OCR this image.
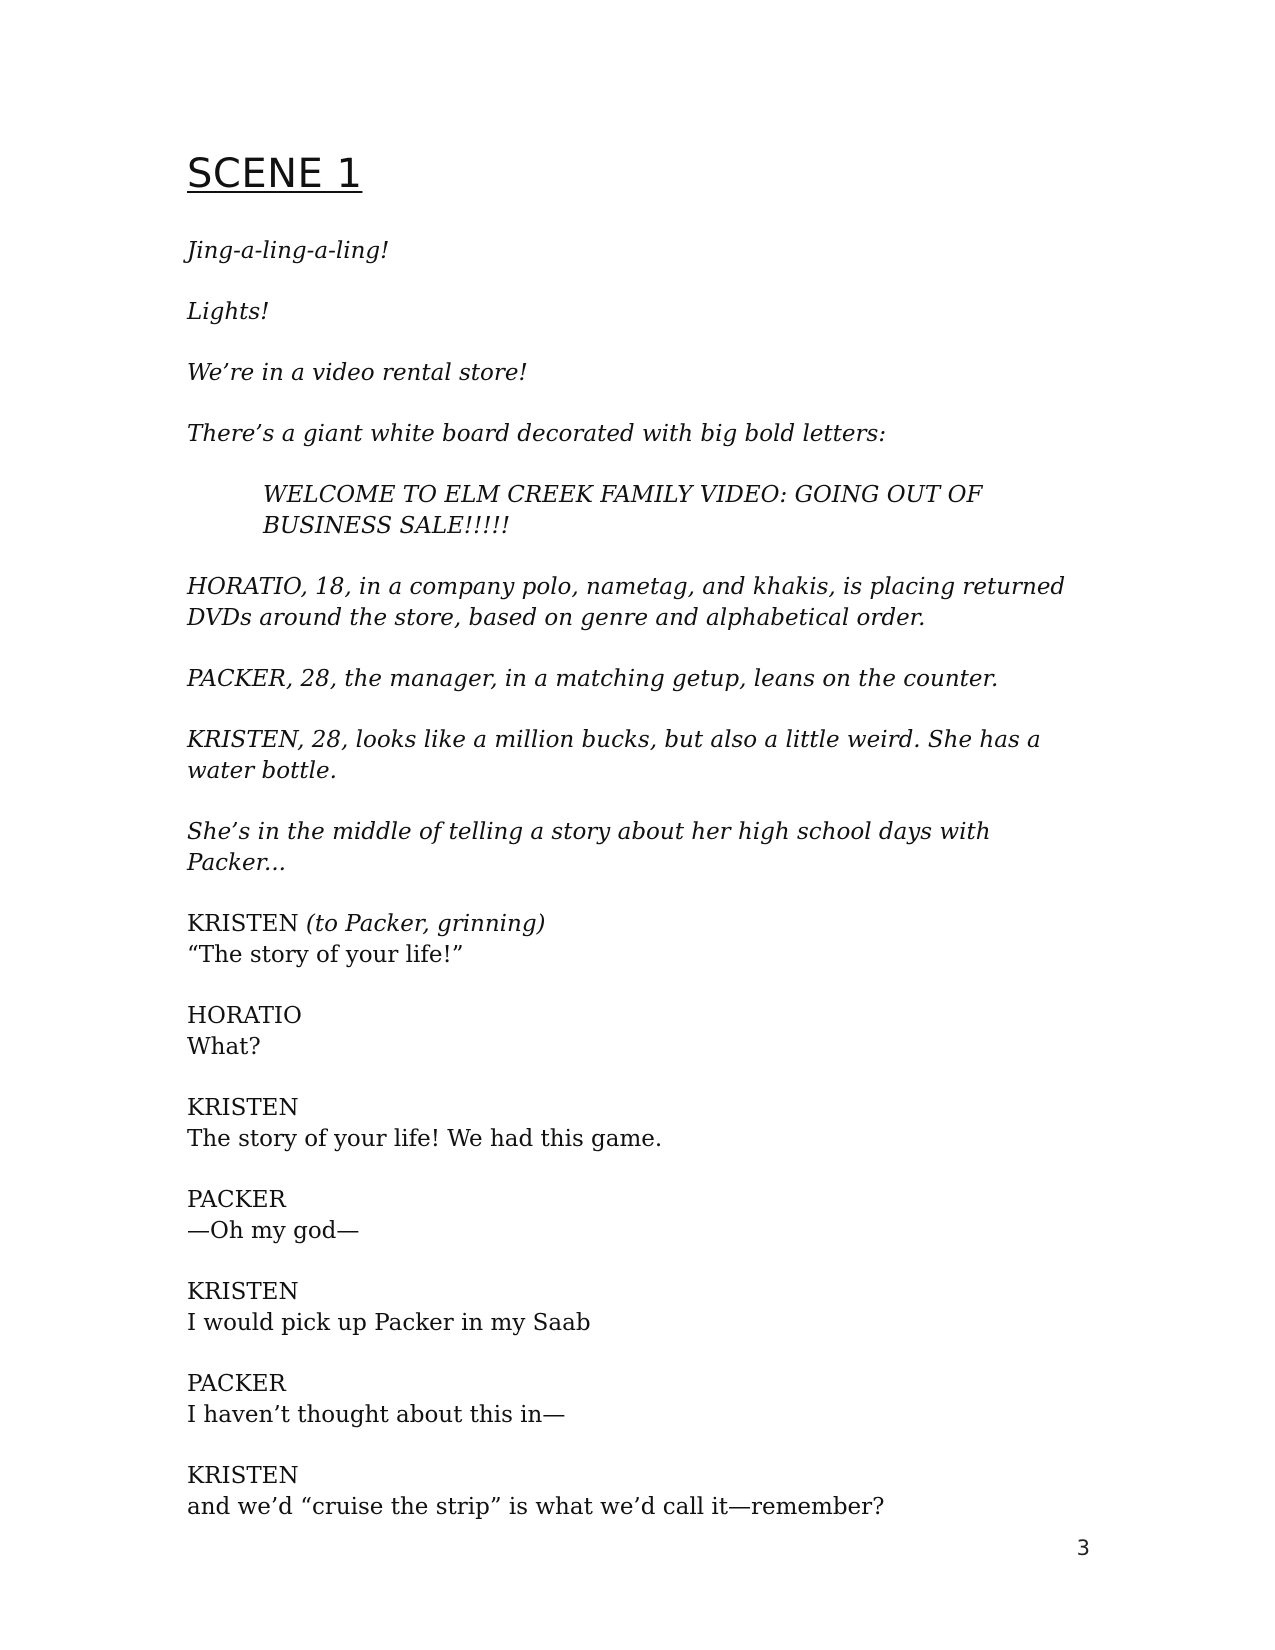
SCENE 1

Jing-a-ling-a-ling!

Lights!

We’re in a video rental store!

There’s a giant white board decorated with big bold letters:

WELCOME TO ELM CREEK FAMILY VIDEO: GOING OUT OF BUSINESS SALE!!!!!

HORATIO, 18, in a company polo, nametag, and khakis, is placing returned DVDs around the store, based on genre and alphabetical order.

PACKER, 28, the manager, in a matching getup, leans on the counter.

KRISTEN, 28, looks like a million bucks, but also a little weird. She has a water bottle.

She’s in the middle of telling a story about her high school days with Packer...

KRISTEN (to Packer, grinning)
“The story of your life!”
HORATIO
What?
KRISTEN
The story of your life! We had this game.
PACKER
—Oh my god—
KRISTEN
I would pick up Packer in my Saab
PACKER
I haven’t thought about this in—
KRISTEN
and we’d “cruise the strip” is what we’d call it—remember?
3
